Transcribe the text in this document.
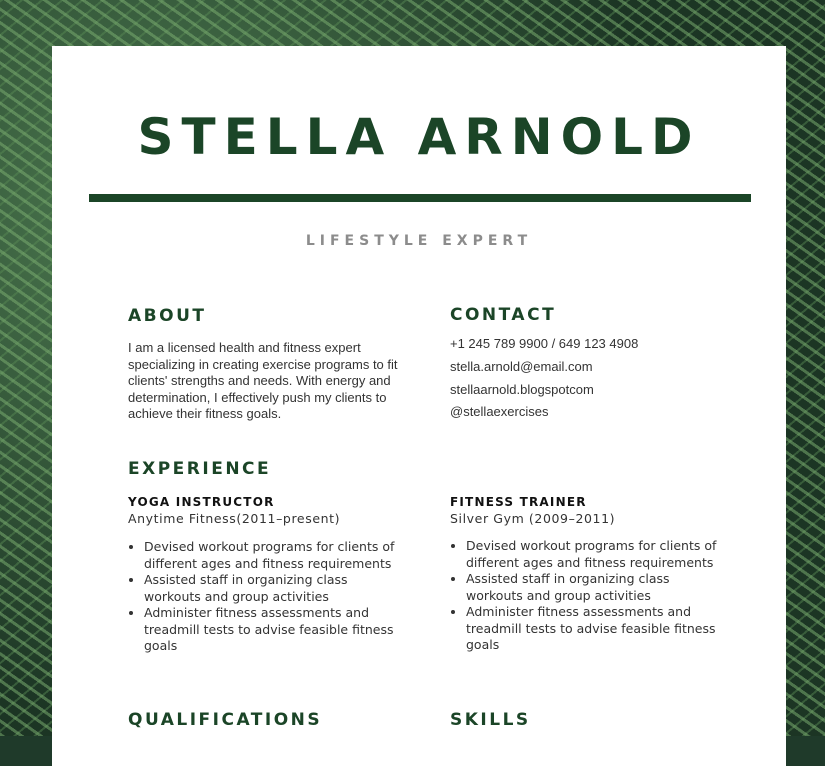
STELLA ARNOLD
LIFESTYLE EXPERT
ABOUT
I am a licensed health and fitness expert specializing in creating exercise programs to fit clients' strengths and needs. With energy and determination, I effectively push my clients to achieve their fitness goals.
CONTACT
+1 245 789 9900 / 649 123 4908
stella.arnold@email.com
stellaarnold.blogspotcom
@stellaexercises
EXPERIENCE
YOGA INSTRUCTOR
Anytime Fitness(2011–present)
• Devised workout programs for clients of different ages and fitness requirements
• Assisted staff in organizing class workouts and group activities
• Administer fitness assessments and treadmill tests to advise feasible fitness goals
FITNESS TRAINER
Silver Gym (2009–2011)
• Devised workout programs for clients of different ages and fitness requirements
• Assisted staff in organizing class workouts and group activities
• Administer fitness assessments and treadmill tests to advise feasible fitness goals
QUALIFICATIONS	SKILLS
